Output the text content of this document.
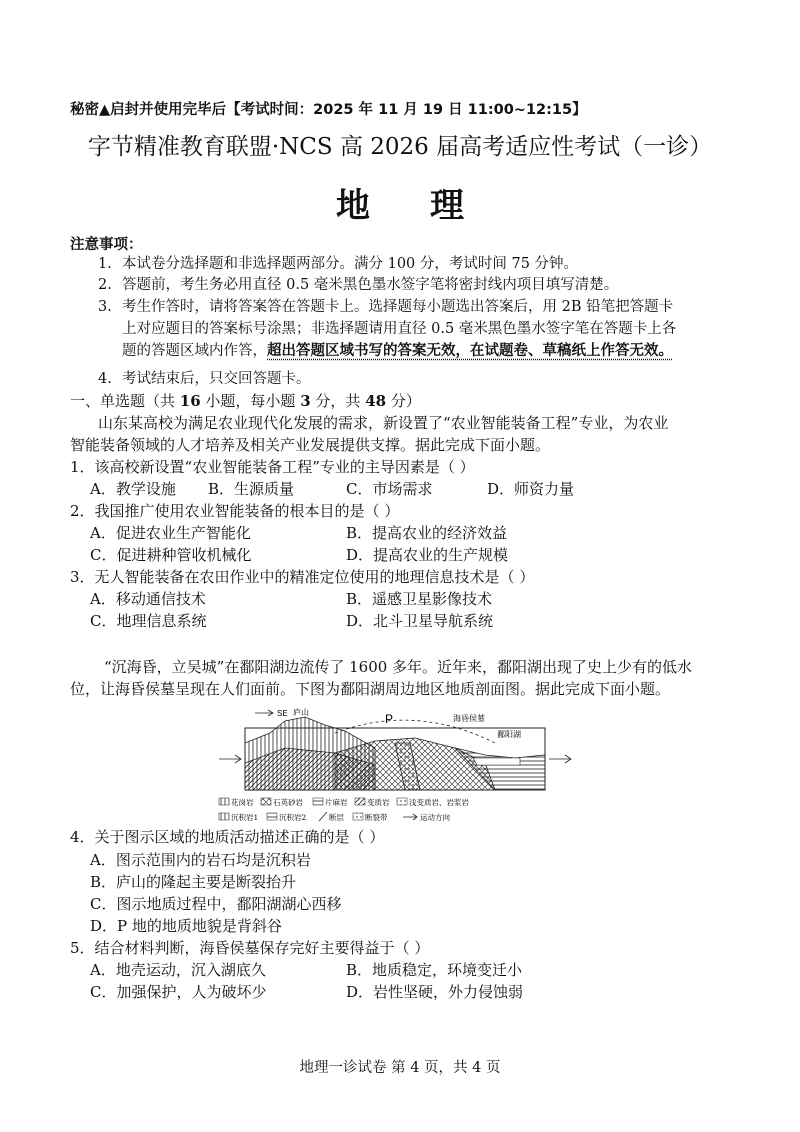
秘密▲启封并使用完毕后【考试时间：2025 年 11 月 19 日 11:00~12:15】
字节精准教育联盟·NCS 高 2026 届高考适应性考试（一诊）
地理
注意事项：
1. 本试卷分选择题和非选择题两部分。满分 100 分，考试时间 75 分钟。
2. 答题前，考生务必用直径 0.5 毫米黑色墨水签字笔将密封线内项目填写清楚。
3. 考生作答时，请将答案答在答题卡上。选择题每小题选出答案后，用 2B 铅笔把答题卡
上对应题目的答案标号涂黑；非选择题请用直径 0.5 毫米黑色墨水签字笔在答题卡上各
题的答题区域内作答，超出答题区域书写的答案无效，在试题卷、草稿纸上作答无效。
4. 考试结束后，只交回答题卡。
一、单选题（共 16 小题，每小题 3 分，共 48 分）
山东某高校为满足农业现代化发展的需求，新设置了“农业智能装备工程”专业，为农业
智能装备领域的人才培养及相关产业发展提供支撑。据此完成下面小题。
1．该高校新设置“农业智能装备工程”专业的主导因素是（ ）
A．教学设施 B．生源质量	C．市场需求	D．师资力量
2．我国推广使用农业智能装备的根本目的是（ ）
A．促进农业生产智能化	B．提高农业的经济效益
C．促进耕种管收机械化	D．提高农业的生产规模
3．无人智能装备在农田作业中的精准定位使用的地理信息技术是（ ）
A．移动通信技术	B．遥感卫星影像技术
C．地理信息系统	D．北斗卫星导航系统
“沉海昏，立吴城”在鄱阳湖边流传了 1600 多年。近年来，鄱阳湖出现了史上少有的低水
位，让海昏侯墓呈现在人们面前。下图为鄱阳湖周边地区地质剖面图。据此完成下面小题。
SE 庐山	P	海昏侯墓
鄱阳湖
花岗岩	石英砂岩	片麻岩	变质岩	浅变质岩、岩浆岩
沉积岩1	沉积岩2	断层	断裂带	运动方向
4．关于图示区域的地质活动描述正确的是（ ）
A．图示范围内的岩石均是沉积岩
B．庐山的隆起主要是断裂抬升
C．图示地质过程中，鄱阳湖湖心西移
D．P 地的地质地貌是背斜谷
5．结合材料判断，海昏侯墓保存完好主要得益于（ ）
A．地壳运动，沉入湖底久	B．地质稳定，环境变迁小
C．加强保护，人为破坏少	D．岩性坚硬，外力侵蚀弱
地理一诊试卷 第 4 页，共 4 页
